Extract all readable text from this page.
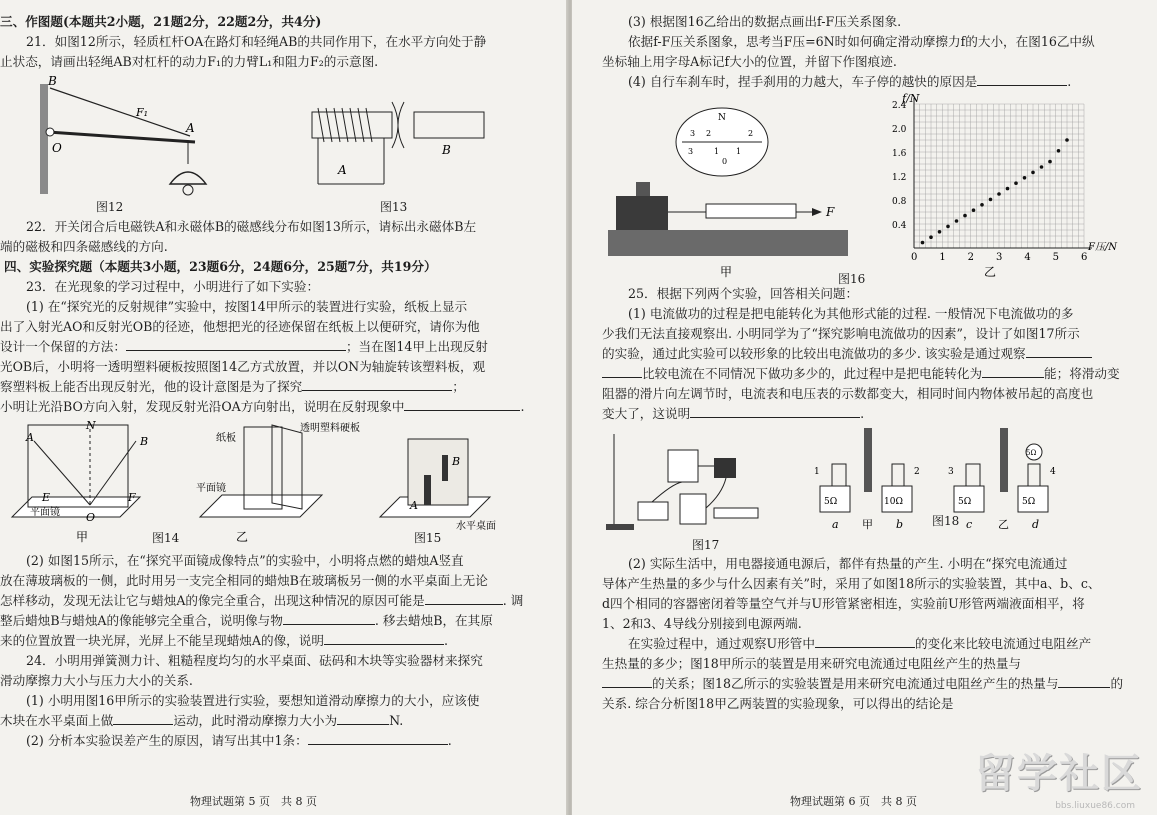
三、作图题(本题共2小题，21题2分，22题2分，共4分)

21．如图12所示，轻质杠杆OA在路灯和轻绳AB的共同作用下，在水平方向处于静

止状态，请画出轻绳AB对杠杆的动力F₁的力臂L₁和阻力F₂的示意图.

B
F₁
A
O
A
B
图12	图13

22．开关闭合后电磁铁A和永磁体B的磁感线分布如图13所示，请标出永磁体B左

端的磁极和四条磁感线的方向.

四、实验探究题（本题共3小题，23题6分，24题6分，25题7分，共19分）

23．在光现象的学习过程中，小明进行了如下实验：

(1) 在“探究光的反射规律”实验中，按图14甲所示的装置进行实验，纸板上显示

出了入射光AO和反射光OB的径迹，他想把光的径迹保留在纸板上以便研究，请你为他

设计一个保留的方法：	；当在图14甲上出现反射

光OB后，小明将一透明塑料硬板按照图14乙方式放置，并以ON为轴旋转该塑料板，观

察塑料板上能否出现反射光，他的设计意图是为了探究	；

小明让光沿BO方向入射，发现反射光沿OA方向射出，说明在反射现象中	.

A
N
B
E	F
O
平面镜
甲
纸板
透明塑料硬板
平面镜
乙
B
A
水平桌面
图14	图15

(2) 如图15所示，在“探究平面镜成像特点”的实验中，小明将点燃的蜡烛A竖直

放在薄玻璃板的一侧，此时用另一支完全相同的蜡烛B在玻璃板另一侧的水平桌面上无论

怎样移动，发现无法让它与蜡烛A的像完全重合，出现这种情况的原因可能是	. 调

整后蜡烛B与蜡烛A的像能够完全重合，说明像与物	. 移去蜡烛B，在其原

来的位置放置一块光屏，光屏上不能呈现蜡烛A的像，说明	.

24．小明用弹簧测力计、粗糙程度均匀的水平桌面、砝码和木块等实验器材来探究

滑动摩擦力大小与压力大小的关系.

(1) 小明用图16甲所示的实验装置进行实验，要想知道滑动摩擦力的大小，应该使

木块在水平桌面上做	运动，此时滑动摩擦力大小为	N.

(2) 分析本实验误差产生的原因，请写出其中1条：	.

物理试题第 5 页　共 8 页

(3) 根据图16乙给出的数据点画出f-F压关系图象.

依据f-F压关系图象，思考当F压=6N时如何确定滑动摩擦力f的大小，在图16乙中纵

坐标轴上用字母A标记f大小的位置，并留下作图痕迹.

(4) 自行车刹车时，捏手刹用的力越大，车子停的越快的原因是	.

F
N
3 2	2
3	1 1
0
甲
f/N
F压/N
0 1 2 3 4 5 6
0.4
0.8
1.2
1.6
2.0
2.4
乙
图16

25．根据下列两个实验，回答相关问题：

(1) 电流做功的过程是把电能转化为其他形式能的过程. 一般情况下电流做功的多

少我们无法直接观察出. 小明同学为了“探究影响电流做功的因素”，设计了如图17所示

的实验，通过此实验可以较形象的比较出电流做功的多少. 该实验是通过观察

比较电流在不同情况下做功多少的，此过程中是把电能转化为	能；将滑动变

阻器的滑片向左调节时，电流表和电压表的示数都变大，相同时间内物体被吊起的高度也

变大了，这说明	.

1	2
5Ω	10Ω
a 甲 b
3	4
5Ω	5Ω
5Ω
c 乙 d
图17
图18

(2) 实际生活中，用电器接通电源后，都伴有热量的产生. 小明在“探究电流通过

导体产生热量的多少与什么因素有关”时，采用了如图18所示的实验装置，其中a、b、c、

d四个相同的容器密闭着等量空气并与U形管紧密相连，实验前U形管两端液面相平，将

1、2和3、4导线分别接到电源两端.

在实验过程中，通过观察U形管中	的变化来比较电流通过电阻丝产

生热量的多少；图18甲所示的装置是用来研究电流通过电阻丝产生的热量与

的关系；图18乙所示的实验装置是用来研究电流通过电阻丝产生的热量与	的

关系. 综合分析图18甲乙两装置的实验现象，可以得出的结论是

物理试题第 6 页　共 8 页
留学社区
bbs.liuxue86.com
